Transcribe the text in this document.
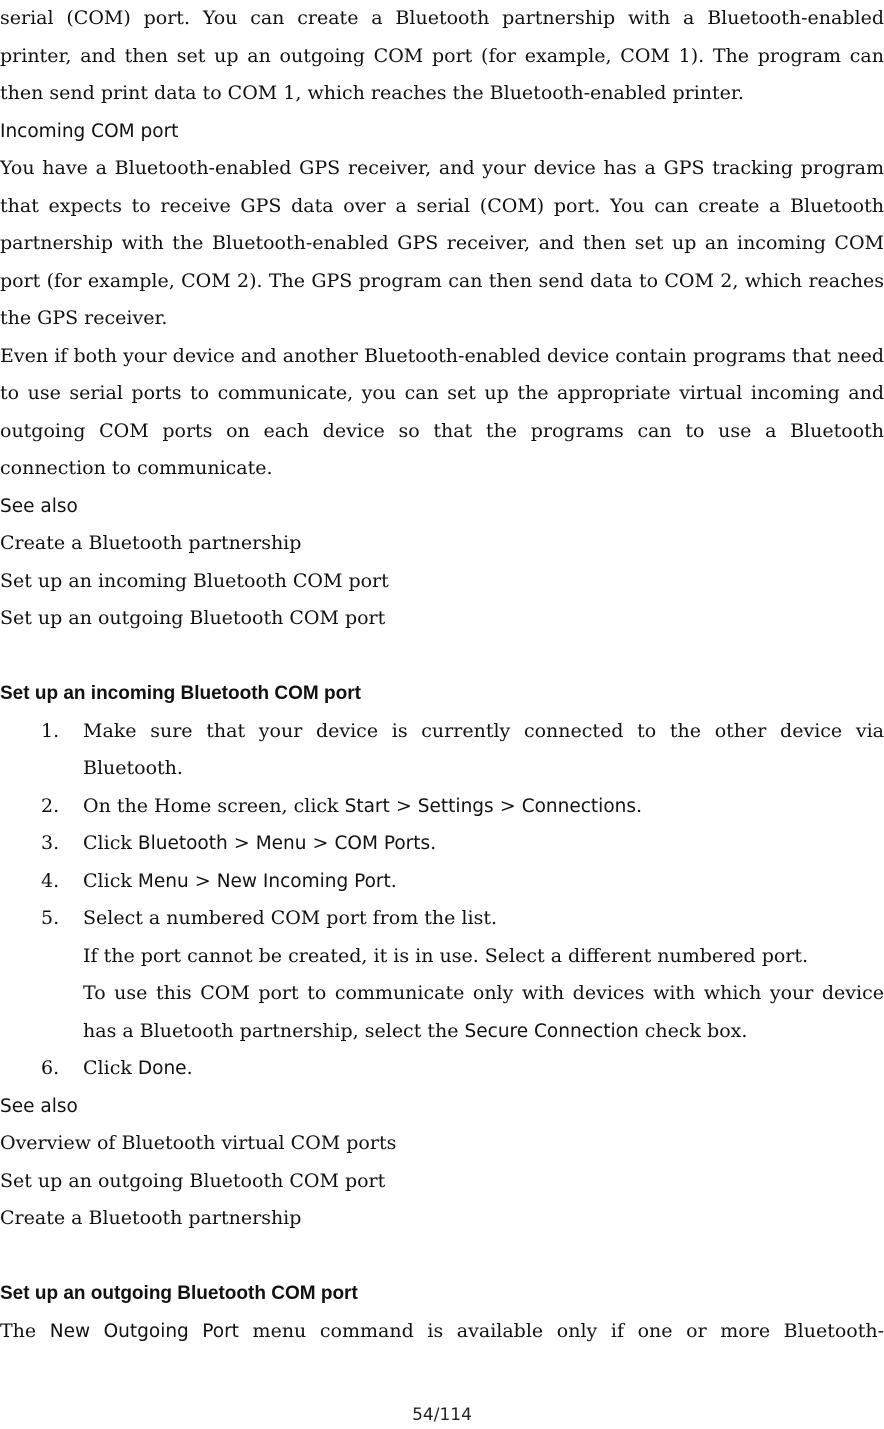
serial (COM) port. You can create a Bluetooth partnership with a Bluetooth-enabled printer, and then set up an outgoing COM port (for example, COM 1). The program can then send print data to COM 1, which reaches the Bluetooth-enabled printer.

Incoming COM port

You have a Bluetooth-enabled GPS receiver, and your device has a GPS tracking program that expects to receive GPS data over a serial (COM) port. You can create a Bluetooth partnership with the Bluetooth-enabled GPS receiver, and then set up an incoming COM port (for example, COM 2). The GPS program can then send data to COM 2, which reaches the GPS receiver.

Even if both your device and another Bluetooth-enabled device contain programs that need to use serial ports to communicate, you can set up the appropriate virtual incoming and outgoing COM ports on each device so that the programs can to use a Bluetooth connection to communicate.

See also

Create a Bluetooth partnership

Set up an incoming Bluetooth COM port

Set up an outgoing Bluetooth COM port

Set up an incoming Bluetooth COM port
1. Make sure that your device is currently connected to the other device via Bluetooth.
2. On the Home screen, click Start > Settings > Connections.
3. Click Bluetooth > Menu > COM Ports.
4. Click Menu > New Incoming Port.
5. Select a numbered COM port from the list.
If the port cannot be created, it is in use. Select a different numbered port.
To use this COM port to communicate only with devices with which your device has a Bluetooth partnership, select the Secure Connection check box.
6. Click Done.

See also

Overview of Bluetooth virtual COM ports

Set up an outgoing Bluetooth COM port

Create a Bluetooth partnership

Set up an outgoing Bluetooth COM port

The New Outgoing Port menu command is available only if one or more Bluetooth-

54/114
